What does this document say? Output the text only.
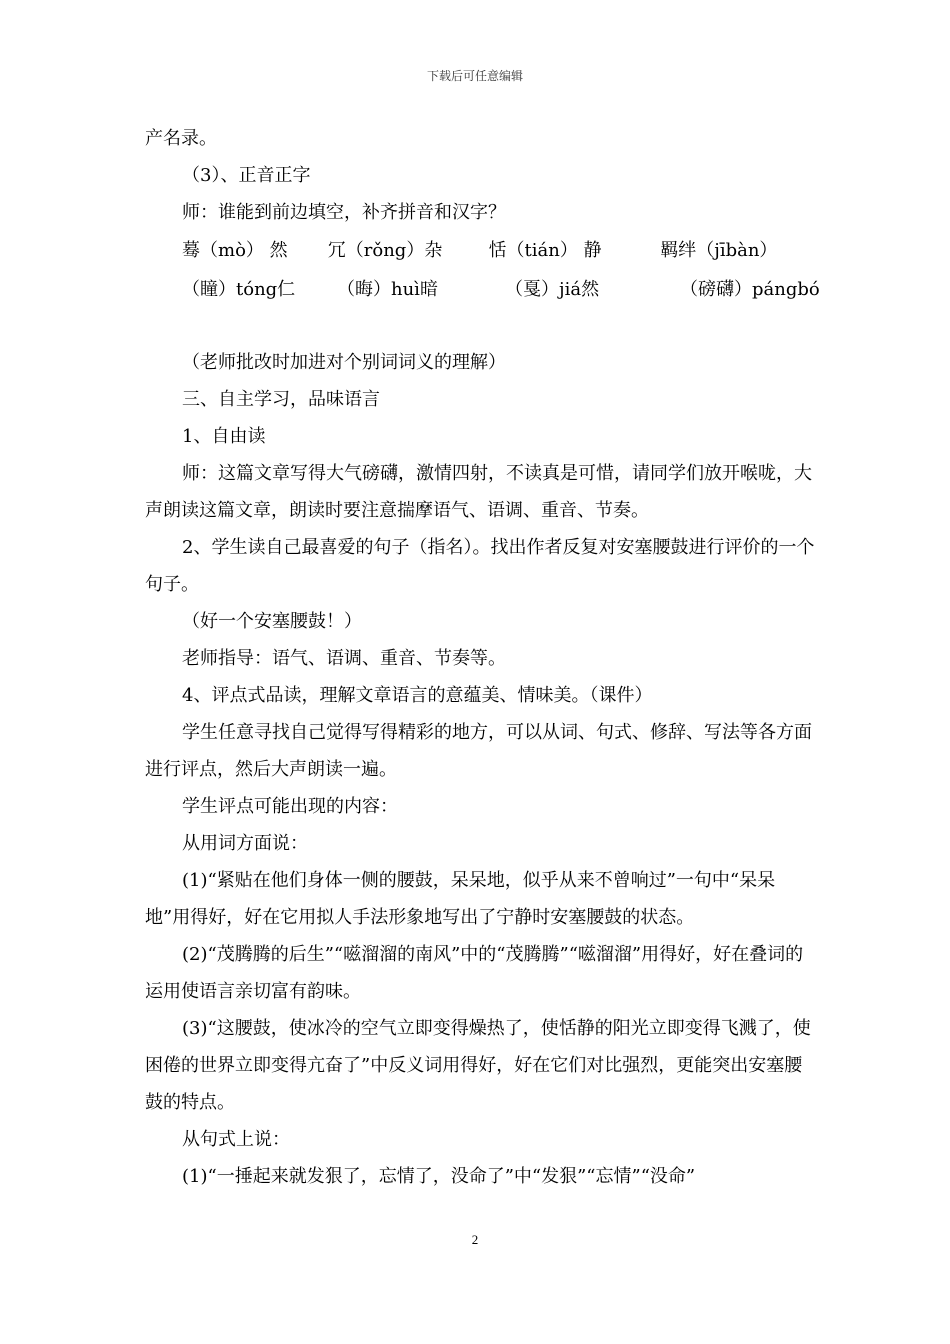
下载后可任意编辑

产名录。

（3）、正音正字

师：谁能到前边填空，补齐拼音和汉字？

蓦（mò） 然	冗（rǒng）杂	恬（tián） 静	羁绊（jībàn）
（瞳）tóng仁	（晦）huì暗	（戛）jiá然	（磅礴）pángbó

（老师批改时加进对个别词词义的理解）

三、自主学习，品味语言

1、自由读

师：这篇文章写得大气磅礴，激情四射，不读真是可惜，请同学们放开喉咙，大声朗读这篇文章，朗读时要注意揣摩语气、语调、重音、节奏。

2、学生读自己最喜爱的句子（指名）。找出作者反复对安塞腰鼓进行评价的一个句子。

（好一个安塞腰鼓！）

老师指导：语气、语调、重音、节奏等。

4、评点式品读，理解文章语言的意蕴美、情味美。（课件）

学生任意寻找自己觉得写得精彩的地方，可以从词、句式、修辞、写法等各方面进行评点，然后大声朗读一遍。

学生评点可能出现的内容：

从用词方面说：

(1)“紧贴在他们身体一侧的腰鼓，呆呆地，似乎从来不曾响过”一句中“呆呆地”用得好，好在它用拟人手法形象地写出了宁静时安塞腰鼓的状态。

(2)“茂腾腾的后生”“嗞溜溜的南风”中的“茂腾腾”“嗞溜溜”用得好，好在叠词的运用使语言亲切富有韵味。

(3)“这腰鼓，使冰冷的空气立即变得燥热了，使恬静的阳光立即变得飞溅了，使困倦的世界立即变得亢奋了”中反义词用得好，好在它们对比强烈，更能突出安塞腰鼓的特点。

从句式上说：

(1)“一捶起来就发狠了，忘情了，没命了”中“发狠”“忘情”“没命”

2
